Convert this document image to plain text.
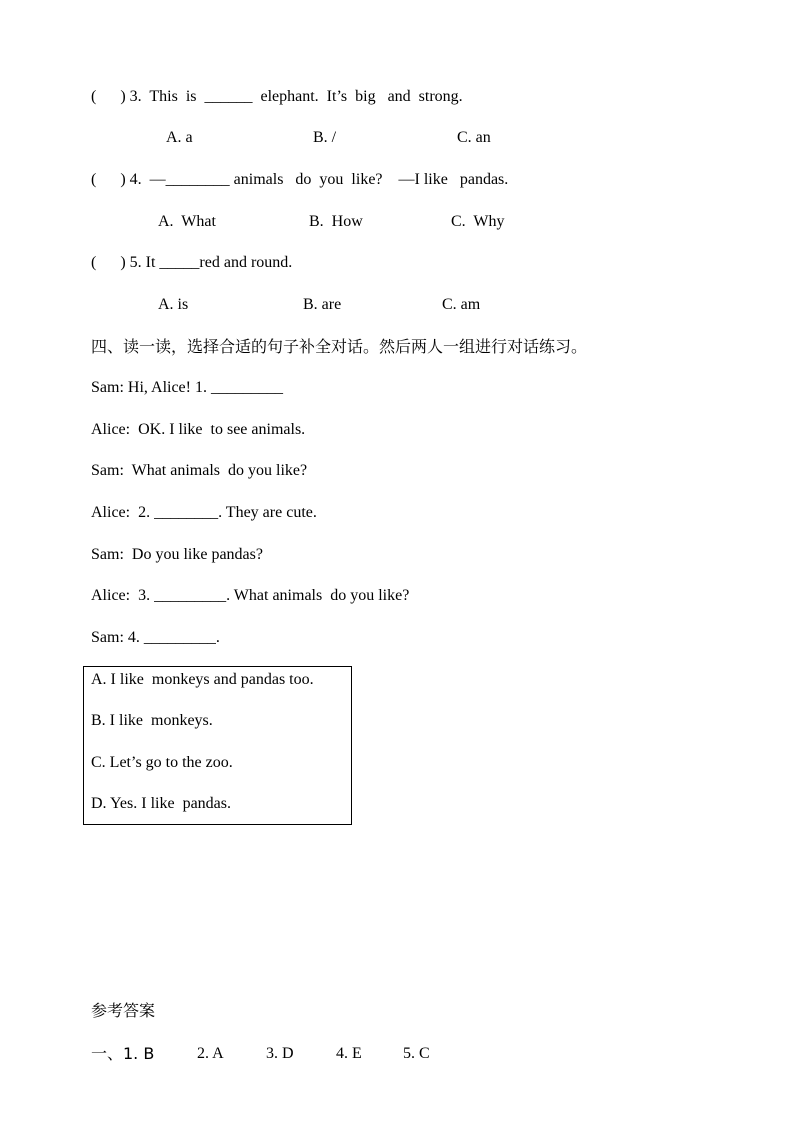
(      ) 3.  This  is  ______  elephant.  It’s  big   and  strong.
A. a	B. /	C. an
(      ) 4.  —________ animals   do  you  like?    —I like   pandas.
A.  What	B.  How	C.  Why
(      ) 5. It _____red and round.
A. is	B. are	C. am
四、读一读，选择合适的句子补全对话。然后两人一组进行对话练习。
Sam: Hi, Alice! 1. _________
Alice:  OK. I like  to see animals.
Sam:  What animals  do you like?
Alice:  2. ________. They are cute.
Sam:  Do you like pandas?
Alice:  3. _________. What animals  do you like?
Sam: 4. _________.
A. I like  monkeys and pandas too.
B. I like  monkeys.
C. Let’s go to the zoo.
D. Yes. I like  pandas.
参考答案
一、1. B	2. A	3. D	4. E	5. C
